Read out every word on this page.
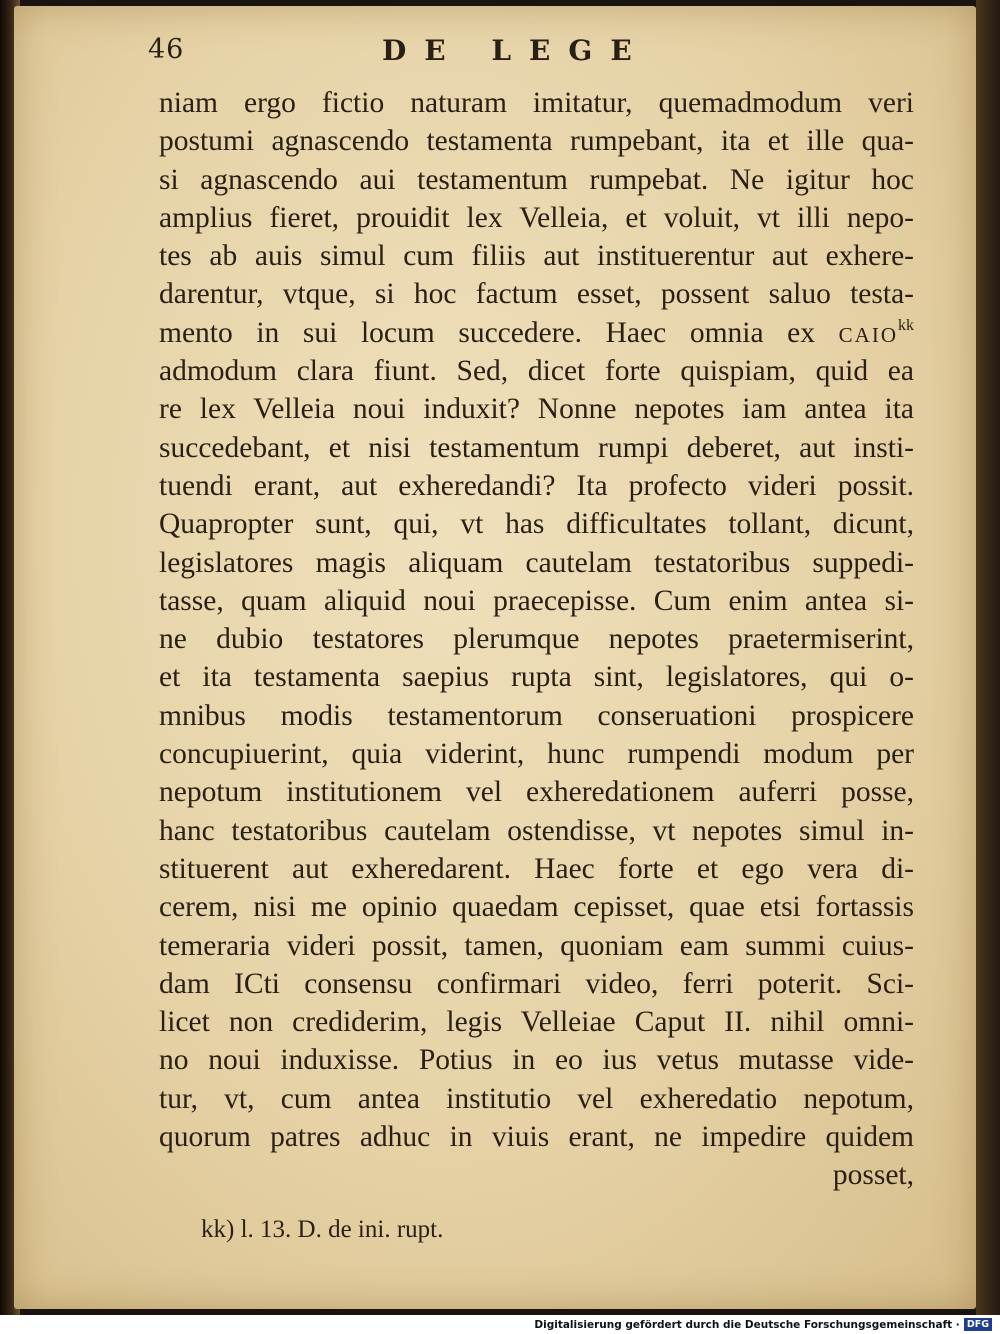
46	DE LEGE
niam ergo fictio naturam imitatur, quemadmodum veri
postumi agnascendo testamenta rumpebant, ita et ille qua-
si agnascendo aui testamentum rumpebat. Ne igitur hoc
amplius fieret, prouidit lex Velleia, et voluit, vt illi nepo-
tes ab auis simul cum filiis aut instituerentur aut exhere-
darentur, vtque, si hoc factum esset, possent saluo testa-
mento in sui locum succedere. Haec omnia ex caio$^{kk}$
admodum clara fiunt. Sed, dicet forte quispiam, quid ea
re lex Velleia noui induxit? Nonne nepotes iam antea ita
succedebant, et nisi testamentum rumpi deberet, aut insti-
tuendi erant, aut exheredandi? Ita profecto videri possit.
Quapropter sunt, qui, vt has difficultates tollant, dicunt,
legislatores magis aliquam cautelam testatoribus suppedi-
tasse, quam aliquid noui praecepisse. Cum enim antea si-
ne dubio testatores plerumque nepotes praetermiserint,
et ita testamenta saepius rupta sint, legislatores, qui o-
mnibus modis testamentorum conseruationi prospicere
concupiuerint, quia viderint, hunc rumpendi modum per
nepotum institutionem vel exheredationem auferri posse,
hanc testatoribus cautelam ostendisse, vt nepotes simul in-
stituerent aut exheredarent. Haec forte et ego vera di-
cerem, nisi me opinio quaedam cepisset, quae etsi fortassis
temeraria videri possit, tamen, quoniam eam summi cuius-
dam ICti consensu confirmari video, ferri poterit. Sci-
licet non crediderim, legis Velleiae Caput II. nihil omni-
no noui induxisse. Potius in eo ius vetus mutasse vide-
tur, vt, cum antea institutio vel exheredatio nepotum,
quorum patres adhuc in viuis erant, ne impedire quidem
posset,
kk) l. 13. D. de ini. rupt.
Digitalisierung gefördert durch die Deutsche Forschungsgemeinschaft · DFG
